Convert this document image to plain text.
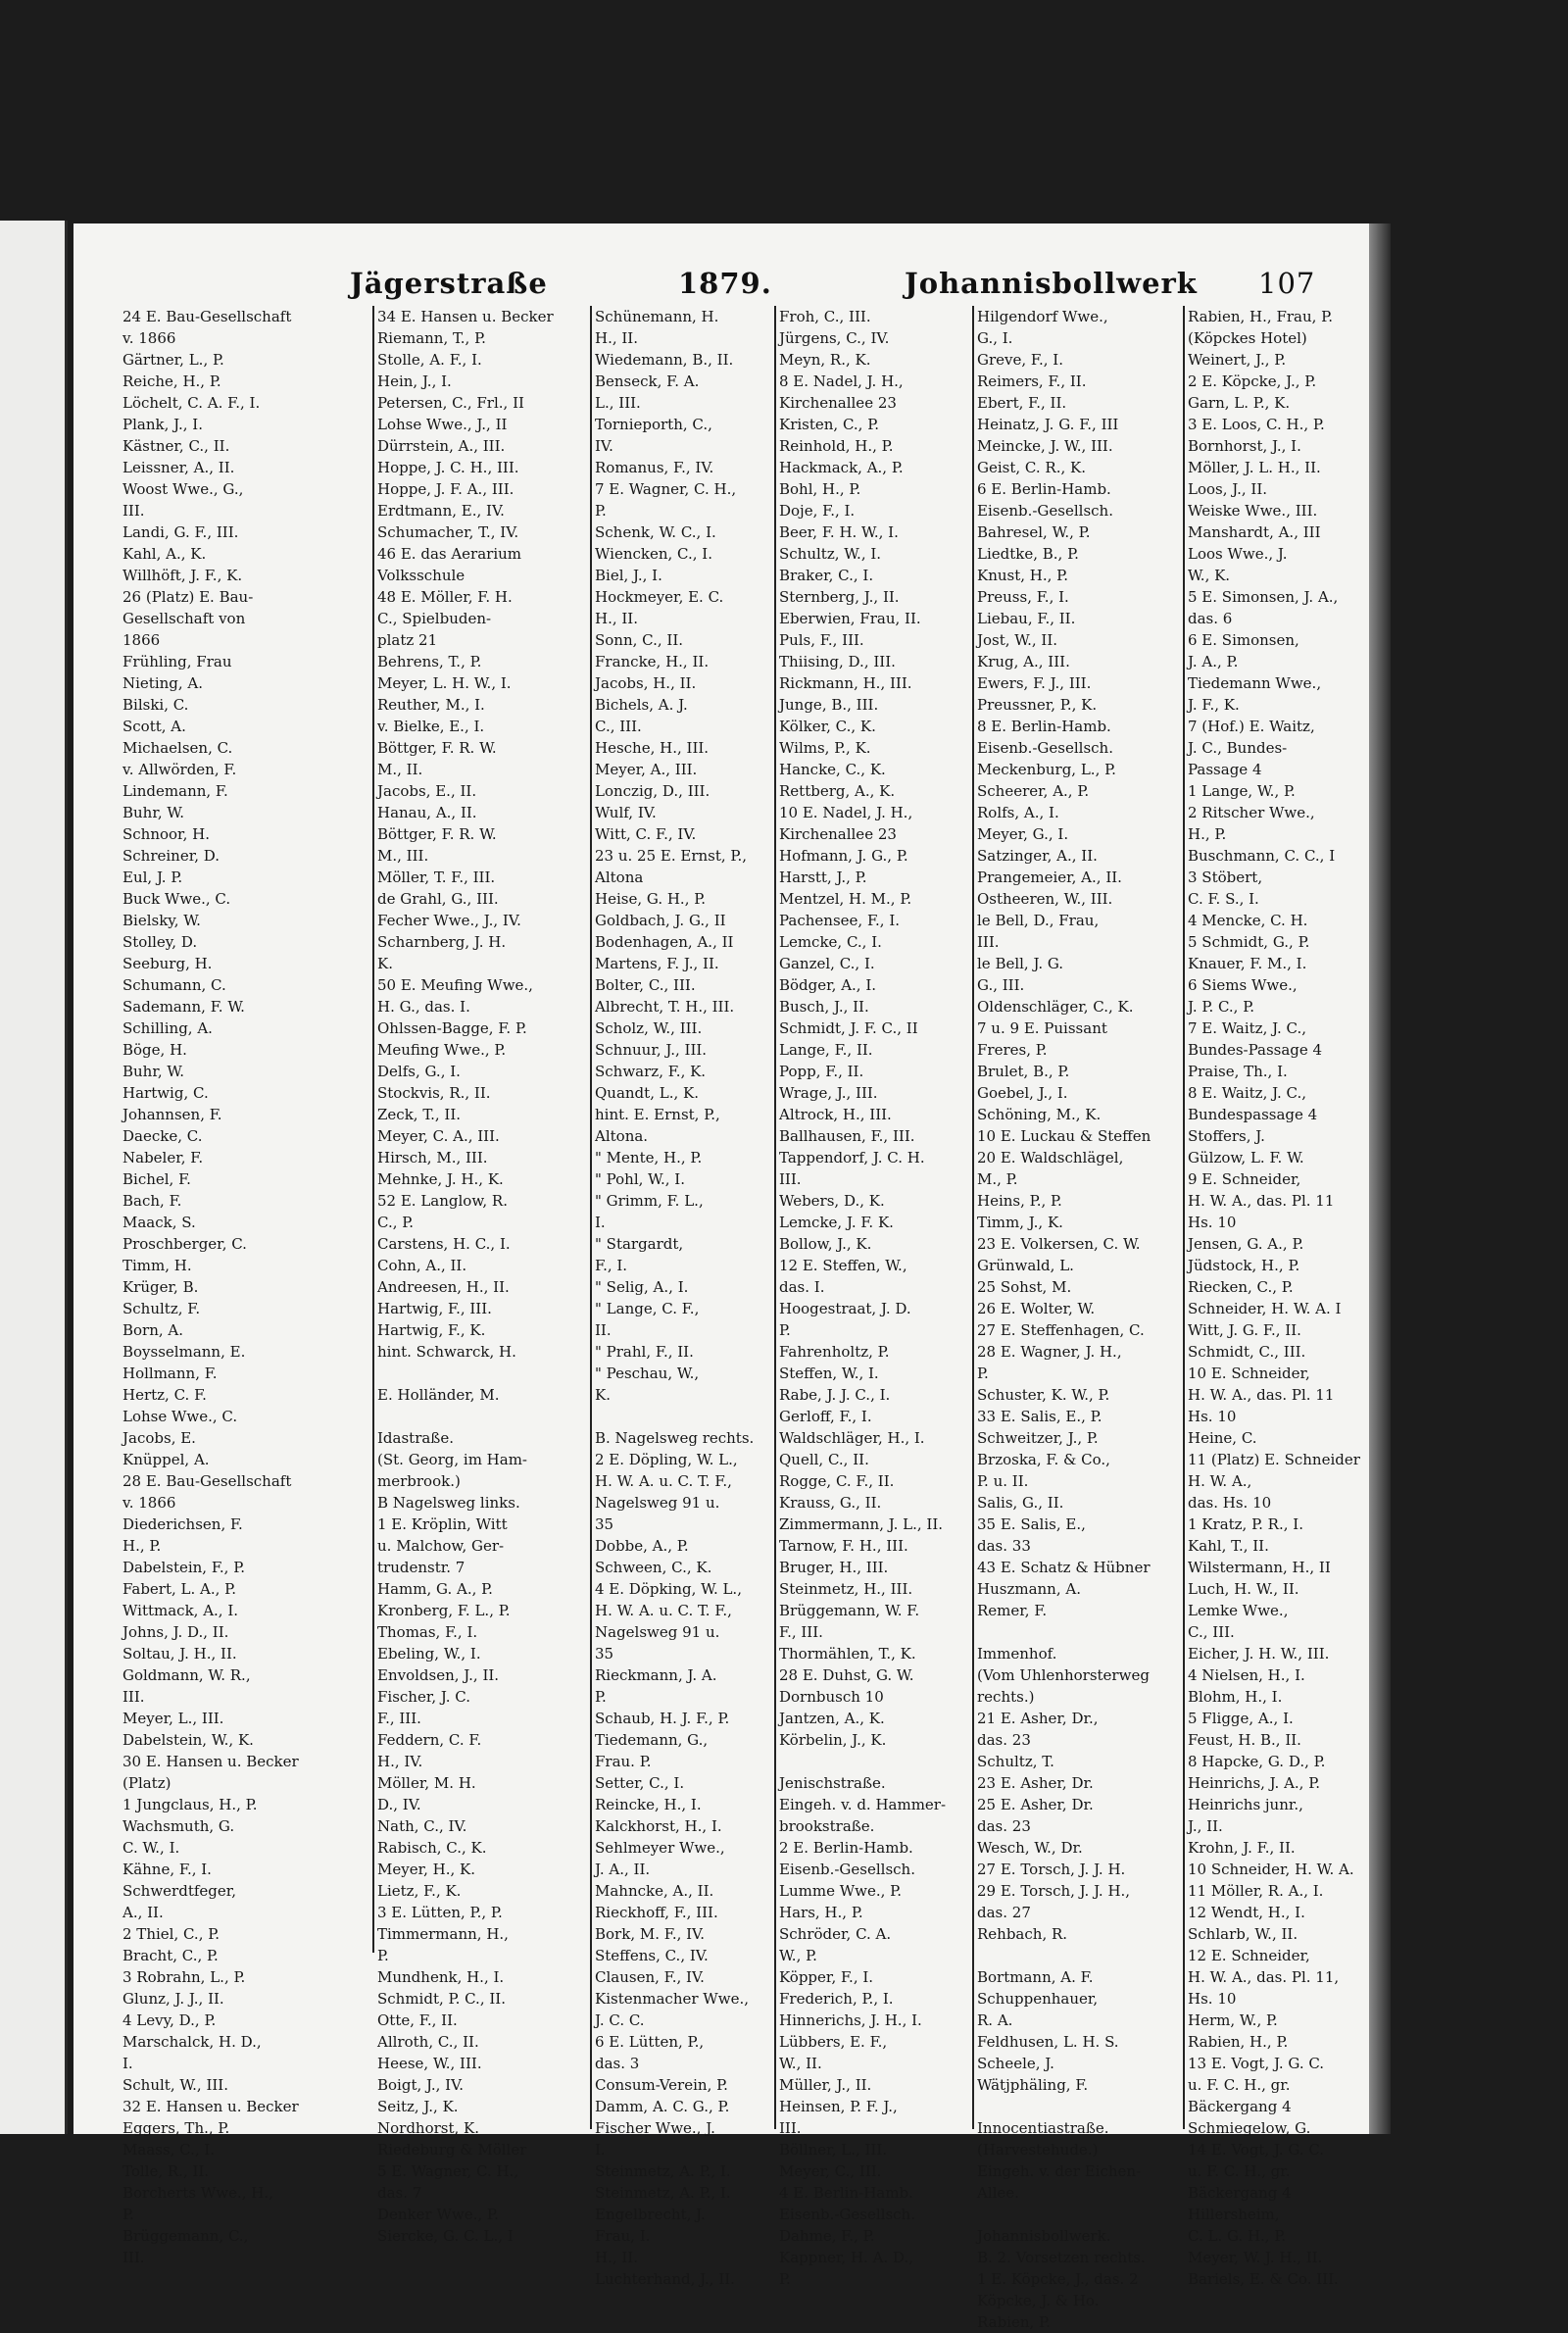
Jägerstraße	1879.	Johannisbollwerk 107
24 E. Bau-Gesellschaft
v. 1866
Gärtner, L., P.
Reiche, H., P.
Löchelt, C. A. F., I.
Plank, J., I.
Kästner, C., II.
Leissner, A., II.
Woost Wwe., G.,
III.
Landi, G. F., III.
Kahl, A., K.
Willhöft, J. F., K.
26 (Platz) E. Bau-
Gesellschaft von
1866
Frühling, Frau
Nieting, A.
Bilski, C.
Scott, A.
Michaelsen, C.
v. Allwörden, F.
Lindemann, F.
Buhr, W.
Schnoor, H.
Schreiner, D.
Eul, J. P.
Buck Wwe., C.
Bielsky, W.
Stolley, D.
Seeburg, H.
Schumann, C.
Sademann, F. W.
Schilling, A.
Böge, H.
Buhr, W.
Hartwig, C.
Johannsen, F.
Daecke, C.
Nabeler, F.
Bichel, F.
Bach, F.
Maack, S.
Proschberger, C.
Timm, H.
Krüger, B.
Schultz, F.
Born, A.
Boysselmann, E.
Hollmann, F.
Hertz, C. F.
Lohse Wwe., C.
Jacobs, E.
Knüppel, A.
28 E. Bau-Gesellschaft
v. 1866
Diederichsen, F.
H., P.
Dabelstein, F., P.
Fabert, L. A., P.
Wittmack, A., I.
Johns, J. D., II.
Soltau, J. H., II.
Goldmann, W. R.,
III.
Meyer, L., III.
Dabelstein, W., K.
30 E. Hansen u. Becker
(Platz)
1 Jungclaus, H., P.
Wachsmuth, G.
C. W., I.
Kähne, F., I.
Schwerdtfeger,
A., II.
2 Thiel, C., P.
Bracht, C., P.
3 Robrahn, L., P.
Glunz, J. J., II.
4 Levy, D., P.
Marschalck, H. D.,
I.
Schult, W., III.
32 E. Hansen u. Becker
Eggers, Th., P.
Maass, C., I.
Tolle, R., II.
Borcherts Wwe., H.,
P.
Brüggemann, C.,
III.
34 E. Hansen u. Becker
Riemann, T., P.
Stolle, A. F., I.
Hein, J., I.
Petersen, C., Frl., II
Lohse Wwe., J., II
Dürrstein, A., III.
Hoppe, J. C. H., III.
Hoppe, J. F. A., III.
Erdtmann, E., IV.
Schumacher, T., IV.
46 E. das Aerarium
Volksschule
48 E. Möller, F. H.
C., Spielbuden-
platz 21
Behrens, T., P.
Meyer, L. H. W., I.
Reuther, M., I.
v. Bielke, E., I.
Böttger, F. R. W.
M., II.
Jacobs, E., II.
Hanau, A., II.
Böttger, F. R. W.
M., III.
Möller, T. F., III.
de Grahl, G., III.
Fecher Wwe., J., IV.
Scharnberg, J. H.
K.
50 E. Meufing Wwe.,
H. G., das. I.
Ohlssen-Bagge, F. P.
Meufing Wwe., P.
Delfs, G., I.
Stockvis, R., II.
Zeck, T., II.
Meyer, C. A., III.
Hirsch, M., III.
Mehnke, J. H., K.
52 E. Langlow, R.
C., P.
Carstens, H. C., I.
Cohn, A., II.
Andreesen, H., II.
Hartwig, F., III.
Hartwig, F., K.
hint. Schwarck, H.

E. Holländer, M.

Idastraße.
(St. Georg, im Ham-
merbrook.)
B Nagelsweg links.
1 E. Kröplin, Witt
u. Malchow, Ger-
trudenstr. 7
Hamm, G. A., P.
Kronberg, F. L., P.
Thomas, F., I.
Ebeling, W., I.
Envoldsen, J., II.
Fischer, J. C.
F., III.
Feddern, C. F.
H., IV.
Möller, M. H.
D., IV.
Nath, C., IV.
Rabisch, C., K.
Meyer, H., K.
Lietz, F., K.
3 E. Lütten, P., P.
Timmermann, H.,
P.
Mundhenk, H., I.
Schmidt, P. C., II.
Otte, F., II.
Allroth, C., II.
Heese, W., III.
Boigt, J., IV.
Seitz, J., K.
Nordhorst, K.
Riedeburg & Möller
5 E. Wagner, C. H.,
das. 7
Denker Wwe., P.
Siercke, G. C. L., I
Schünemann, H.
H., II.
Wiedemann, B., II.
Benseck, F. A.
L., III.
Tornieporth, C.,
IV.
Romanus, F., IV.
7 E. Wagner, C. H.,
P.
Schenk, W. C., I.
Wiencken, C., I.
Biel, J., I.
Hockmeyer, E. C.
H., II.
Sonn, C., II.
Francke, H., II.
Jacobs, H., II.
Bichels, A. J.
C., III.
Hesche, H., III.
Meyer, A., III.
Lonczig, D., III.
Wulf, IV.
Witt, C. F., IV.
23 u. 25 E. Ernst, P.,
Altona
Heise, G. H., P.
Goldbach, J. G., II
Bodenhagen, A., II
Martens, F. J., II.
Bolter, C., III.
Albrecht, T. H., III.
Scholz, W., III.
Schnuur, J., III.
Schwarz, F., K.
Quandt, L., K.
hint. E. Ernst, P.,
Altona.
" Mente, H., P.
" Pohl, W., I.
" Grimm, F. L.,
I.
" Stargardt,
F., I.
" Selig, A., I.
" Lange, C. F.,
II.
" Prahl, F., II.
" Peschau, W.,
K.

B. Nagelsweg rechts.
2 E. Döpling, W. L.,
H. W. A. u. C. T. F.,
Nagelsweg 91 u.
35
Dobbe, A., P.
Schween, C., K.
4 E. Döpking, W. L.,
H. W. A. u. C. T. F.,
Nagelsweg 91 u.
35
Rieckmann, J. A.
P.
Schaub, H. J. F., P.
Tiedemann, G.,
Frau. P.
Setter, C., I.
Reincke, H., I.
Kalckhorst, H., I.
Sehlmeyer Wwe.,
J. A., II.
Mahncke, A., II.
Rieckhoff, F., III.
Bork, M. F., IV.
Steffens, C., IV.
Clausen, F., IV.
Kistenmacher Wwe.,
J. C. C.
6 E. Lütten, P.,
das. 3
Consum-Verein, P.
Damm, A. C. G., P.
Fischer Wwe., J.
I.
Steinmetz, A. P., I.
Steinmetz, A. P., I.
Engelbrecht, J.
Frau, I.
H., II.
Luchterhand, J., II.
Froh, C., III.
Jürgens, C., IV.
Meyn, R., K.
8 E. Nadel, J. H.,
Kirchenallee 23
Kristen, C., P.
Reinhold, H., P.
Hackmack, A., P.
Bohl, H., P.
Doje, F., I.
Beer, F. H. W., I.
Schultz, W., I.
Braker, C., I.
Sternberg, J., II.
Eberwien, Frau, II.
Puls, F., III.
Thiising, D., III.
Rickmann, H., III.
Junge, B., III.
Kölker, C., K.
Wilms, P., K.
Hancke, C., K.
Rettberg, A., K.
10 E. Nadel, J. H.,
Kirchenallee 23
Hofmann, J. G., P.
Harstt, J., P.
Mentzel, H. M., P.
Pachensee, F., I.
Lemcke, C., I.
Ganzel, C., I.
Bödger, A., I.
Busch, J., II.
Schmidt, J. F. C., II
Lange, F., II.
Popp, F., II.
Wrage, J., III.
Altrock, H., III.
Ballhausen, F., III.
Tappendorf, J. C. H.
III.
Webers, D., K.
Lemcke, J. F. K.
Bollow, J., K.
12 E. Steffen, W.,
das. I.
Hoogestraat, J. D.
P.
Fahrenholtz, P.
Steffen, W., I.
Rabe, J. J. C., I.
Gerloff, F., I.
Waldschläger, H., I.
Quell, C., II.
Rogge, C. F., II.
Krauss, G., II.
Zimmermann, J. L., II.
Tarnow, F. H., III.
Bruger, H., III.
Steinmetz, H., III.
Brüggemann, W. F.
F., III.
Thormählen, T., K.
28 E. Duhst, G. W.
Dornbusch 10
Jantzen, A., K.
Körbelin, J., K.

Jenischstraße.
Eingeh. v. d. Hammer-
brookstraße.
2 E. Berlin-Hamb.
Eisenb.-Gesellsch.
Lumme Wwe., P.
Hars, H., P.
Schröder, C. A.
W., P.
Köpper, F., I.
Frederich, P., I.
Hinnerichs, J. H., I.
Lübbers, E. F.,
W., II.
Müller, J., II.
Heinsen, P. F. J.,
III.
Böllner, L., III.
Meyer, C., III.
4 E. Berlin-Hamb.
Eisenb.-Gesellsch.
Dahme, F., P.
Kappner, H. A. D.,
P.
Hilgendorf Wwe.,
G., I.
Greve, F., I.
Reimers, F., II.
Ebert, F., II.
Heinatz, J. G. F., III
Meincke, J. W., III.
Geist, C. R., K.
6 E. Berlin-Hamb.
Eisenb.-Gesellsch.
Bahresel, W., P.
Liedtke, B., P.
Knust, H., P.
Preuss, F., I.
Liebau, F., II.
Jost, W., II.
Krug, A., III.
Ewers, F. J., III.
Preussner, P., K.
8 E. Berlin-Hamb.
Eisenb.-Gesellsch.
Meckenburg, L., P.
Scheerer, A., P.
Rolfs, A., I.
Meyer, G., I.
Satzinger, A., II.
Prangemeier, A., II.
Ostheeren, W., III.
le Bell, D., Frau,
III.
le Bell, J. G.
G., III.
Oldenschläger, C., K.
7 u. 9 E. Puissant
Freres, P.
Brulet, B., P.
Goebel, J., I.
Schöning, M., K.
10 E. Luckau & Steffen
20 E. Waldschlägel,
M., P.
Heins, P., P.
Timm, J., K.
23 E. Volkersen, C. W.
Grünwald, L.
25 Sohst, M.
26 E. Wolter, W.
27 E. Steffenhagen, C.
28 E. Wagner, J. H.,
P.
Schuster, K. W., P.
33 E. Salis, E., P.
Schweitzer, J., P.
Brzoska, F. & Co.,
P. u. II.
Salis, G., II.
35 E. Salis, E.,
das. 33
43 E. Schatz & Hübner
Huszmann, A.
Remer, F.

Immenhof.
(Vom Uhlenhorsterweg
rechts.)
21 E. Asher, Dr.,
das. 23
Schultz, T.
23 E. Asher, Dr.
25 E. Asher, Dr.
das. 23
Wesch, W., Dr.
27 E. Torsch, J. J. H.
29 E. Torsch, J. J. H.,
das. 27
Rehbach, R.

Bortmann, A. F.
Schuppenhauer,
R. A.
Feldhusen, L. H. S.
Scheele, J.
Wätjphäling, F.

Innocentiastraße.
(Harvestehude.)
Eingeh. v. der Eichen-
Allee.

Johannisbollwerk.
B. 2. Vorsetzen rechts.
1 E. Köpcke, J., das. 2
Köpcke, J. & Ho.
Rabien, P.
Rabien, H., Frau, P.
(Köpckes Hotel)
Weinert, J., P.
2 E. Köpcke, J., P.
Garn, L. P., K.
3 E. Loos, C. H., P.
Bornhorst, J., I.
Möller, J. L. H., II.
Loos, J., II.
Weiske Wwe., III.
Manshardt, A., III
Loos Wwe., J.
W., K.
5 E. Simonsen, J. A.,
das. 6
6 E. Simonsen,
J. A., P.
Tiedemann Wwe.,
J. F., K.
7 (Hof.) E. Waitz,
J. C., Bundes-
Passage 4
1 Lange, W., P.
2 Ritscher Wwe.,
H., P.
Buschmann, C. C., I
3 Stöbert,
C. F. S., I.
4 Mencke, C. H.
5 Schmidt, G., P.
Knauer, F. M., I.
6 Siems Wwe.,
J. P. C., P.
7 E. Waitz, J. C.,
Bundes-Passage 4
Praise, Th., I.
8 E. Waitz, J. C.,
Bundespassage 4
Stoffers, J.
Gülzow, L. F. W.
9 E. Schneider,
H. W. A., das. Pl. 11
Hs. 10
Jensen, G. A., P.
Jüdstock, H., P.
Riecken, C., P.
Schneider, H. W. A. I
Witt, J. G. F., II.
Schmidt, C., III.
10 E. Schneider,
H. W. A., das. Pl. 11
Hs. 10
Heine, C.
11 (Platz) E. Schneider
H. W. A.,
das. Hs. 10
1 Kratz, P. R., I.
Kahl, T., II.
Wilstermann, H., II
Luch, H. W., II.
Lemke Wwe.,
C., III.
Eicher, J. H. W., III.
4 Nielsen, H., I.
Blohm, H., I.
5 Fligge, A., I.
Feust, H. B., II.
8 Hapcke, G. D., P.
Heinrichs, J. A., P.
Heinrichs junr.,
J., II.
Krohn, J. F., II.
10 Schneider, H. W. A.
11 Möller, R. A., I.
12 Wendt, H., I.
Schlarb, W., II.
12 E. Schneider,
H. W. A., das. Pl. 11,
Hs. 10
Herm, W., P.
Rabien, H., P.
13 E. Vogt, J. G. C.
u. F. C. H., gr.
Bäckergang 4
Schmiegelow, G.
14 E. Vogt, J. G. C.
u. F. C. H., gr.
Bäckergang 4
Hillersheim,
C. L. G. H., P.
Meyer, W. J. H., II.
Bariels, E. & Co. III.
